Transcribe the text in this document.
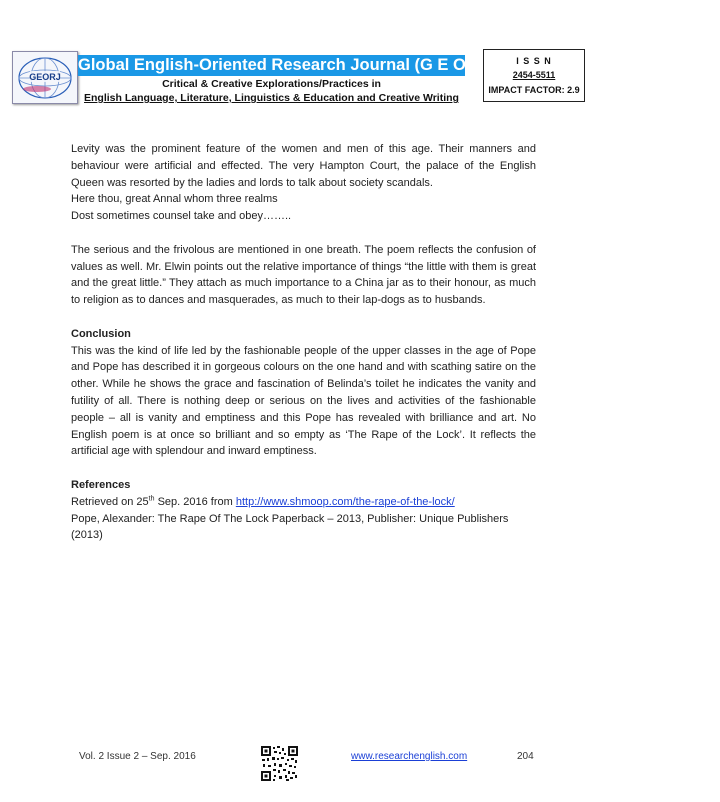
GEORJ
Global English-Oriented Research Journal (G E O R J)
Critical & Creative Explorations/Practices in
English Language, Literature, Linguistics & Education and Creative Writing
I S S N
2454-5511
IMPACT FACTOR: 2.9

Levity was the prominent feature of the women and men of this age. Their manners and behaviour were artificial and effected. The very Hampton Court, the palace of the English Queen was resorted by the ladies and lords to talk about society scandals.

Here thou, great Annal whom three realms

Dost sometimes counsel take and obey……..

The serious and the frivolous are mentioned in one breath. The poem reflects the confusion of values as well. Mr. Elwin points out the relative importance of things “the little with them is great and the great little.” They attach as much importance to a China jar as to their honour, as much to religion as to dances and masquerades, as much to their lap-dogs as to husbands.

Conclusion

This was the kind of life led by the fashionable people of the upper classes in the age of Pope and Pope has described it in gorgeous colours on the one hand and with scathing satire on the other. While he shows the grace and fascination of Belinda’s toilet he indicates the vanity and futility of all. There is nothing deep or serious on the lives and activities of the fashionable people – all is vanity and emptiness and this Pope has revealed with brilliance and art. No English poem is at once so brilliant and so empty as ‘The Rape of the Lock’. It reflects the artificial age with splendour and inward emptiness.

References

Retrieved on 25th Sep. 2016 from http://www.shmoop.com/the-rape-of-the-lock/

Pope, Alexander: The Rape Of The Lock Paperback – 2013, Publisher: Unique Publishers (2013)

Vol. 2 Issue 2 – Sep. 2016	www.researchenglish.com	204
